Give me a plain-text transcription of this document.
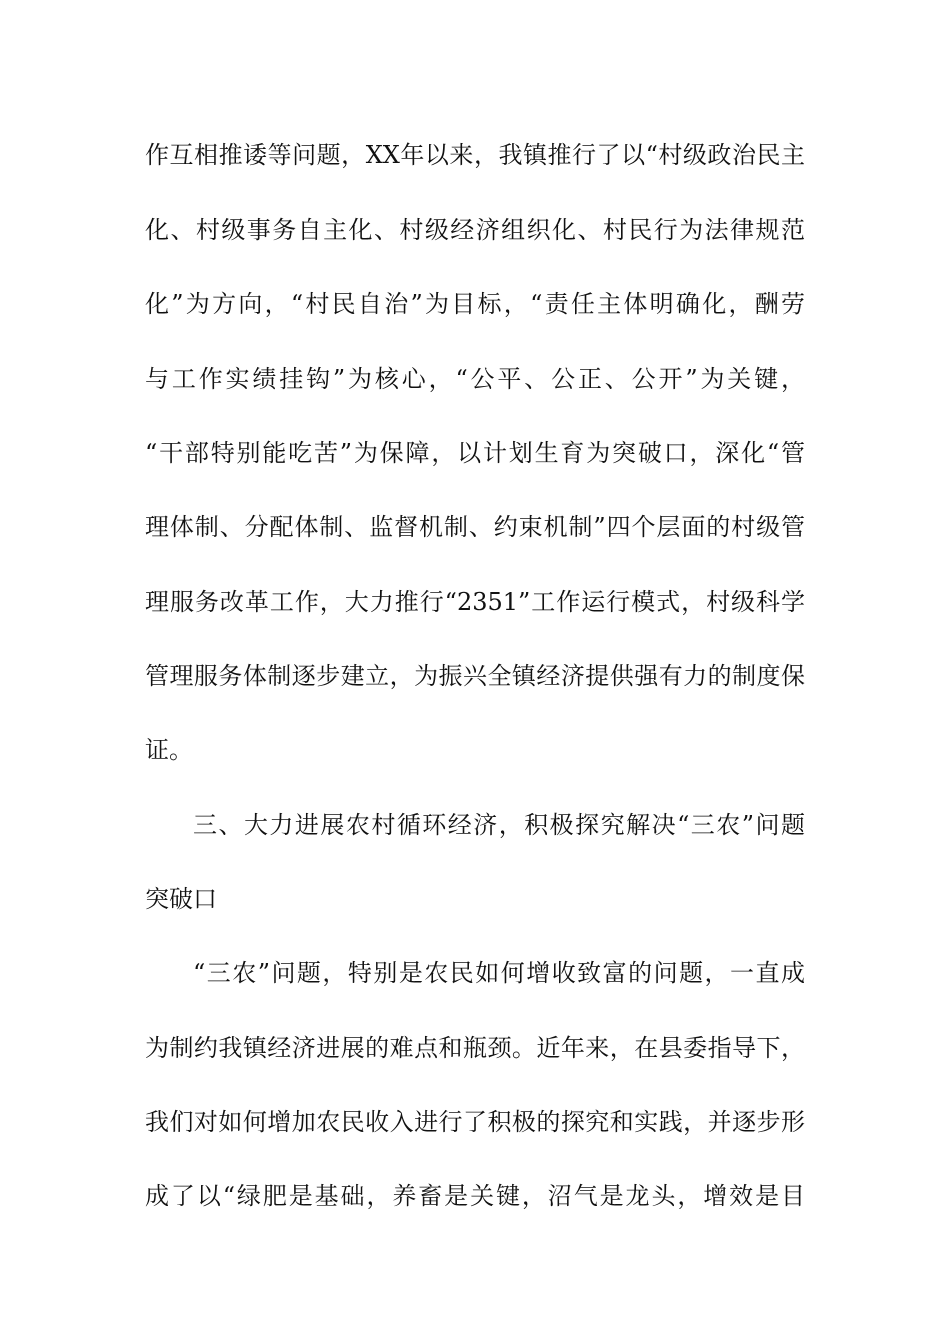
作互相推诿等问题，XX年以来，我镇推行了以“村级政治民主
化、村级事务自主化、村级经济组织化、村民行为法律规范
化”为方向，“村民自治”为目标，“责任主体明确化，酬劳
与工作实绩挂钩”为核心，“公平、公正、公开”为关键，
“干部特别能吃苦”为保障，以计划生育为突破口，深化“管
理体制、分配体制、监督机制、约束机制”四个层面的村级管
理服务改革工作，大力推行“2351”工作运行模式，村级科学
管理服务体制逐步建立，为振兴全镇经济提供强有力的制度保
证。
三、大力进展农村循环经济，积极探究解决“三农”问题
突破口
“三农”问题，特别是农民如何增收致富的问题，一直成
为制约我镇经济进展的难点和瓶颈。近年来，在县委指导下，
我们对如何增加农民收入进行了积极的探究和实践，并逐步形
成了以“绿肥是基础，养畜是关键，沼气是龙头，增效是目
